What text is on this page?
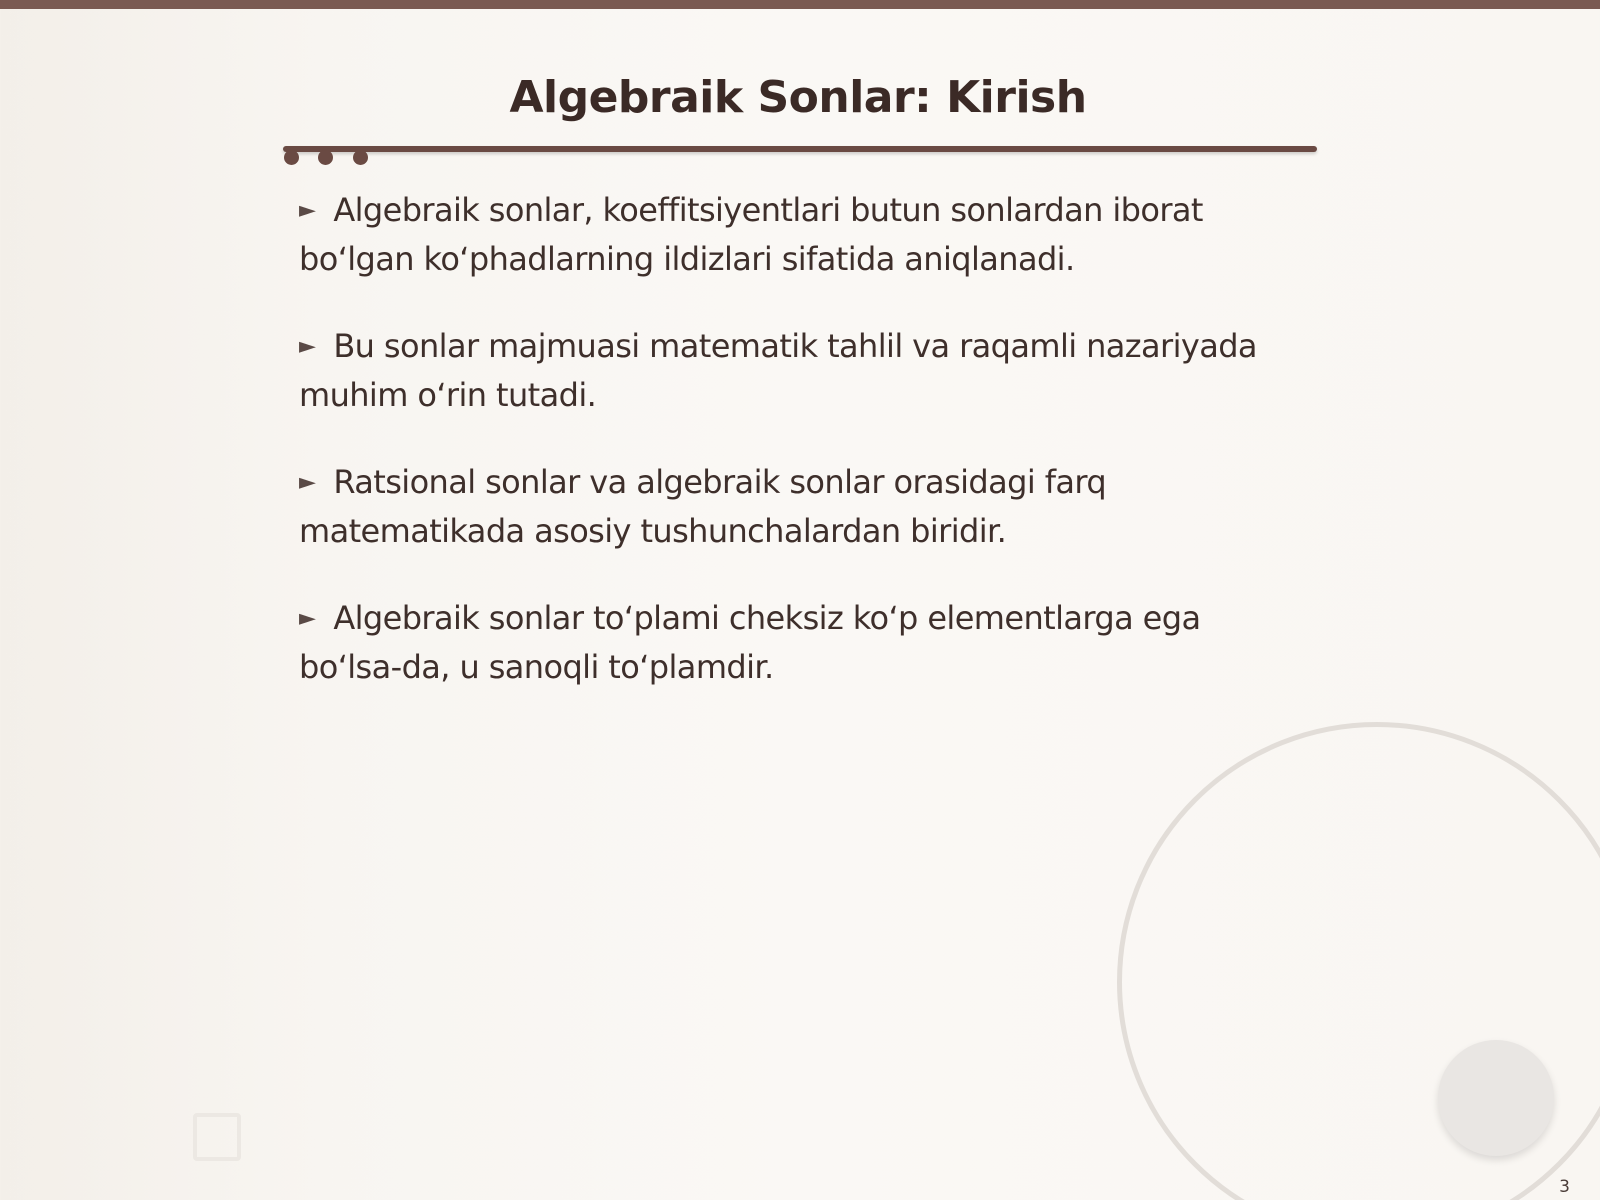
Algebraik Sonlar: Kirish
► Algebraik sonlar, koeffitsiyentlari butun sonlardan iborat boʻlgan koʻphadlarning ildizlari sifatida aniqlanadi.
► Bu sonlar majmuasi matematik tahlil va raqamli nazariyada muhim oʻrin tutadi.
► Ratsional sonlar va algebraik sonlar orasidagi farq matematikada asosiy tushunchalardan biridir.
► Algebraik sonlar toʻplami cheksiz koʻp elementlarga ega boʻlsa-da, u sanoqli toʻplamdir.
3
